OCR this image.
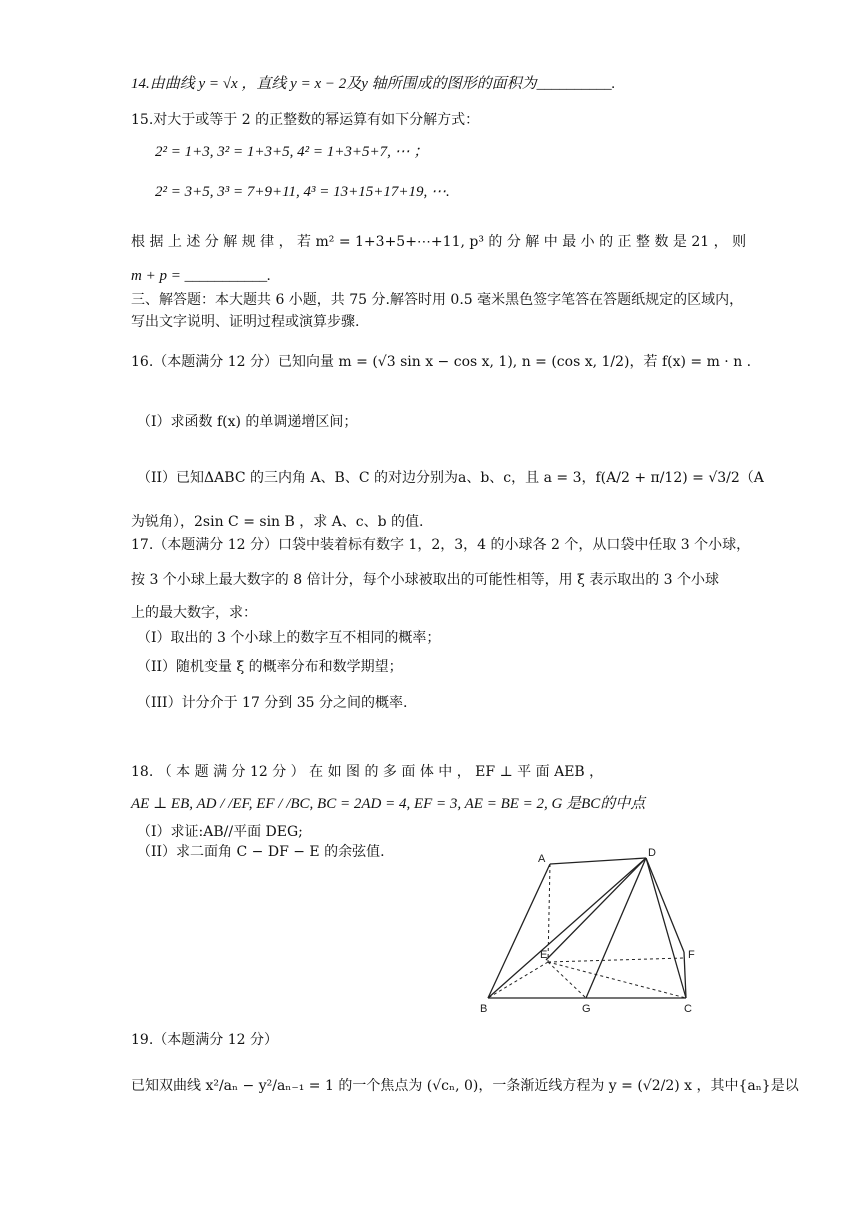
14.由曲线 y = √x ，直线 y = x − 2及y 轴所围成的图形的面积为__________.
15.对大于或等于 2 的正整数的幂运算有如下分解方式：
2² = 1+3, 3² = 1+3+5, 4² = 1+3+5+7, ⋯ ；
2² = 3+5, 3³ = 7+9+11, 4³ = 13+15+17+19, ⋯.
根 据 上 述 分 解 规 律 ， 若 m² = 1+3+5+⋯+11, p³ 的 分 解 中 最 小 的 正 整 数 是 21 ， 则
m + p = ___________.
三、解答题：本大题共 6 小题，共 75 分.解答时用 0.5 毫米黑色签字笔答在答题纸规定的区域内，
写出文字说明、证明过程或演算步骤.
16.（本题满分 12 分）已知向量 m = (√3 sin x − cos x, 1), n = (cos x, 1/2)，若 f(x) = m · n .
（I）求函数 f(x) 的单调递增区间；
（II）已知ΔABC 的三内角 A、B、C 的对边分别为a、b、c，且 a = 3，f(A/2 + π/12) = √3/2（A
为锐角），2sin C = sin B ，求 A、c、b 的值.
17.（本题满分 12 分）口袋中装着标有数字 1，2，3，4 的小球各 2 个，从口袋中任取 3 个小球，
按 3 个小球上最大数字的 8 倍计分，每个小球被取出的可能性相等，用 ξ 表示取出的 3 个小球
上的最大数字，求：
（I）取出的 3 个小球上的数字互不相同的概率；
（II）随机变量 ξ 的概率分布和数学期望；
（III）计分介于 17 分到 35 分之间的概率.
18. （ 本 题 满 分 12 分 ） 在 如 图 的 多 面 体 中 ， EF ⊥ 平 面 AEB ，
AE ⊥ EB, AD / /EF, EF / /BC, BC = 2AD = 4, EF = 3, AE = BE = 2, G 是BC的中点
（I）求证:AB//平面 DEG;
（II）求二面角 C − DF − E 的余弦值.	A	D
E	F
B	G	C
19.（本题满分 12 分）
已知双曲线 x²/aₙ − y²/aₙ₋₁ = 1 的一个焦点为 (√cₙ, 0)，一条渐近线方程为 y = (√2/2) x ，其中{aₙ}是以
